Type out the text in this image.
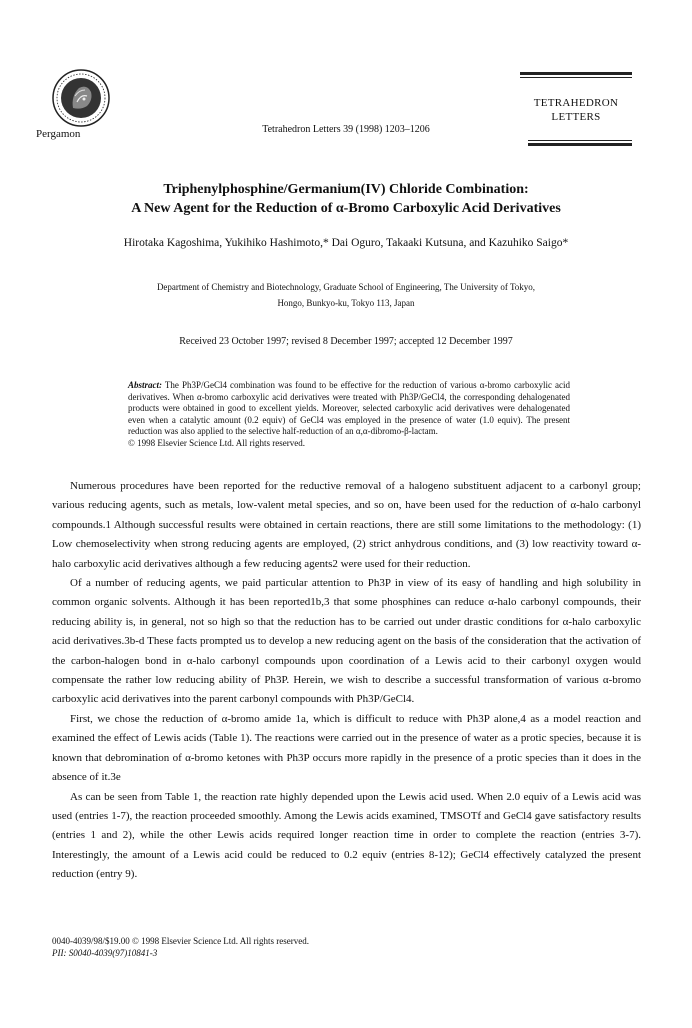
Pergamon	Tetrahedron Letters 39 (1998) 1203–1206
TETRAHEDRON
LETTERS
Triphenylphosphine/Germanium(IV) Chloride Combination:
A New Agent for the Reduction of α-Bromo Carboxylic Acid Derivatives
Hirotaka Kagoshima, Yukihiko Hashimoto,* Dai Oguro, Takaaki Kutsuna, and Kazuhiko Saigo*
Department of Chemistry and Biotechnology, Graduate School of Engineering, The University of Tokyo,
Hongo, Bunkyo-ku, Tokyo 113, Japan
Received 23 October 1997; revised 8 December 1997; accepted 12 December 1997
Abstract: The Ph3P/GeCl4 combination was found to be effective for the reduction of various α-bromo carboxylic acid derivatives. When α-bromo carboxylic acid derivatives were treated with Ph3P/GeCl4, the corresponding dehalogenated products were obtained in good to excellent yields. Moreover, selected carboxylic acid derivatives were dehalogenated even when a catalytic amount (0.2 equiv) of GeCl4 was employed in the presence of water (1.0 equiv). The present reduction was also applied to the selective half-reduction of an α,α-dibromo-β-lactam.
© 1998 Elsevier Science Ltd. All rights reserved.

Numerous procedures have been reported for the reductive removal of a halogeno substituent adjacent to a carbonyl group; various reducing agents, such as metals, low-valent metal species, and so on, have been used for the reduction of α-halo carbonyl compounds.1 Although successful results were obtained in certain reactions, there are still some limitations to the methodology: (1) Low chemoselectivity when strong reducing agents are employed, (2) strict anhydrous conditions, and (3) low reactivity toward α-halo carboxylic acid derivatives although a few reducing agents2 were used for their reduction.

Of a number of reducing agents, we paid particular attention to Ph3P in view of its easy of handling and high solubility in common organic solvents. Although it has been reported1b,3 that some phosphines can reduce α-halo carbonyl compounds, their reducing ability is, in general, not so high so that the reduction has to be carried out under drastic conditions for α-halo carboxylic acid derivatives.3b-d These facts prompted us to develop a new reducing agent on the basis of the consideration that the activation of the carbon-halogen bond in α-halo carbonyl compounds upon coordination of a Lewis acid to their carbonyl oxygen would compensate the rather low reducing ability of Ph3P. Herein, we wish to describe a successful transformation of various α-bromo carboxylic acid derivatives into the parent carbonyl compounds with Ph3P/GeCl4.

First, we chose the reduction of α-bromo amide 1a, which is difficult to reduce with Ph3P alone,4 as a model reaction and examined the effect of Lewis acids (Table 1). The reactions were carried out in the presence of water as a protic species, because it is known that debromination of α-bromo ketones with Ph3P occurs more rapidly in the presence of a protic species than it does in the absence of it.3e

As can be seen from Table 1, the reaction rate highly depended upon the Lewis acid used. When 2.0 equiv of a Lewis acid was used (entries 1-7), the reaction proceeded smoothly. Among the Lewis acids examined, TMSOTf and GeCl4 gave satisfactory results (entries 1 and 2), while the other Lewis acids required longer reaction time in order to complete the reaction (entries 3-7). Interestingly, the amount of a Lewis acid could be reduced to 0.2 equiv (entries 8-12); GeCl4 effectively catalyzed the present reduction (entry 9).

0040-4039/98/$19.00 © 1998 Elsevier Science Ltd. All rights reserved.
PII: S0040-4039(97)10841-3
